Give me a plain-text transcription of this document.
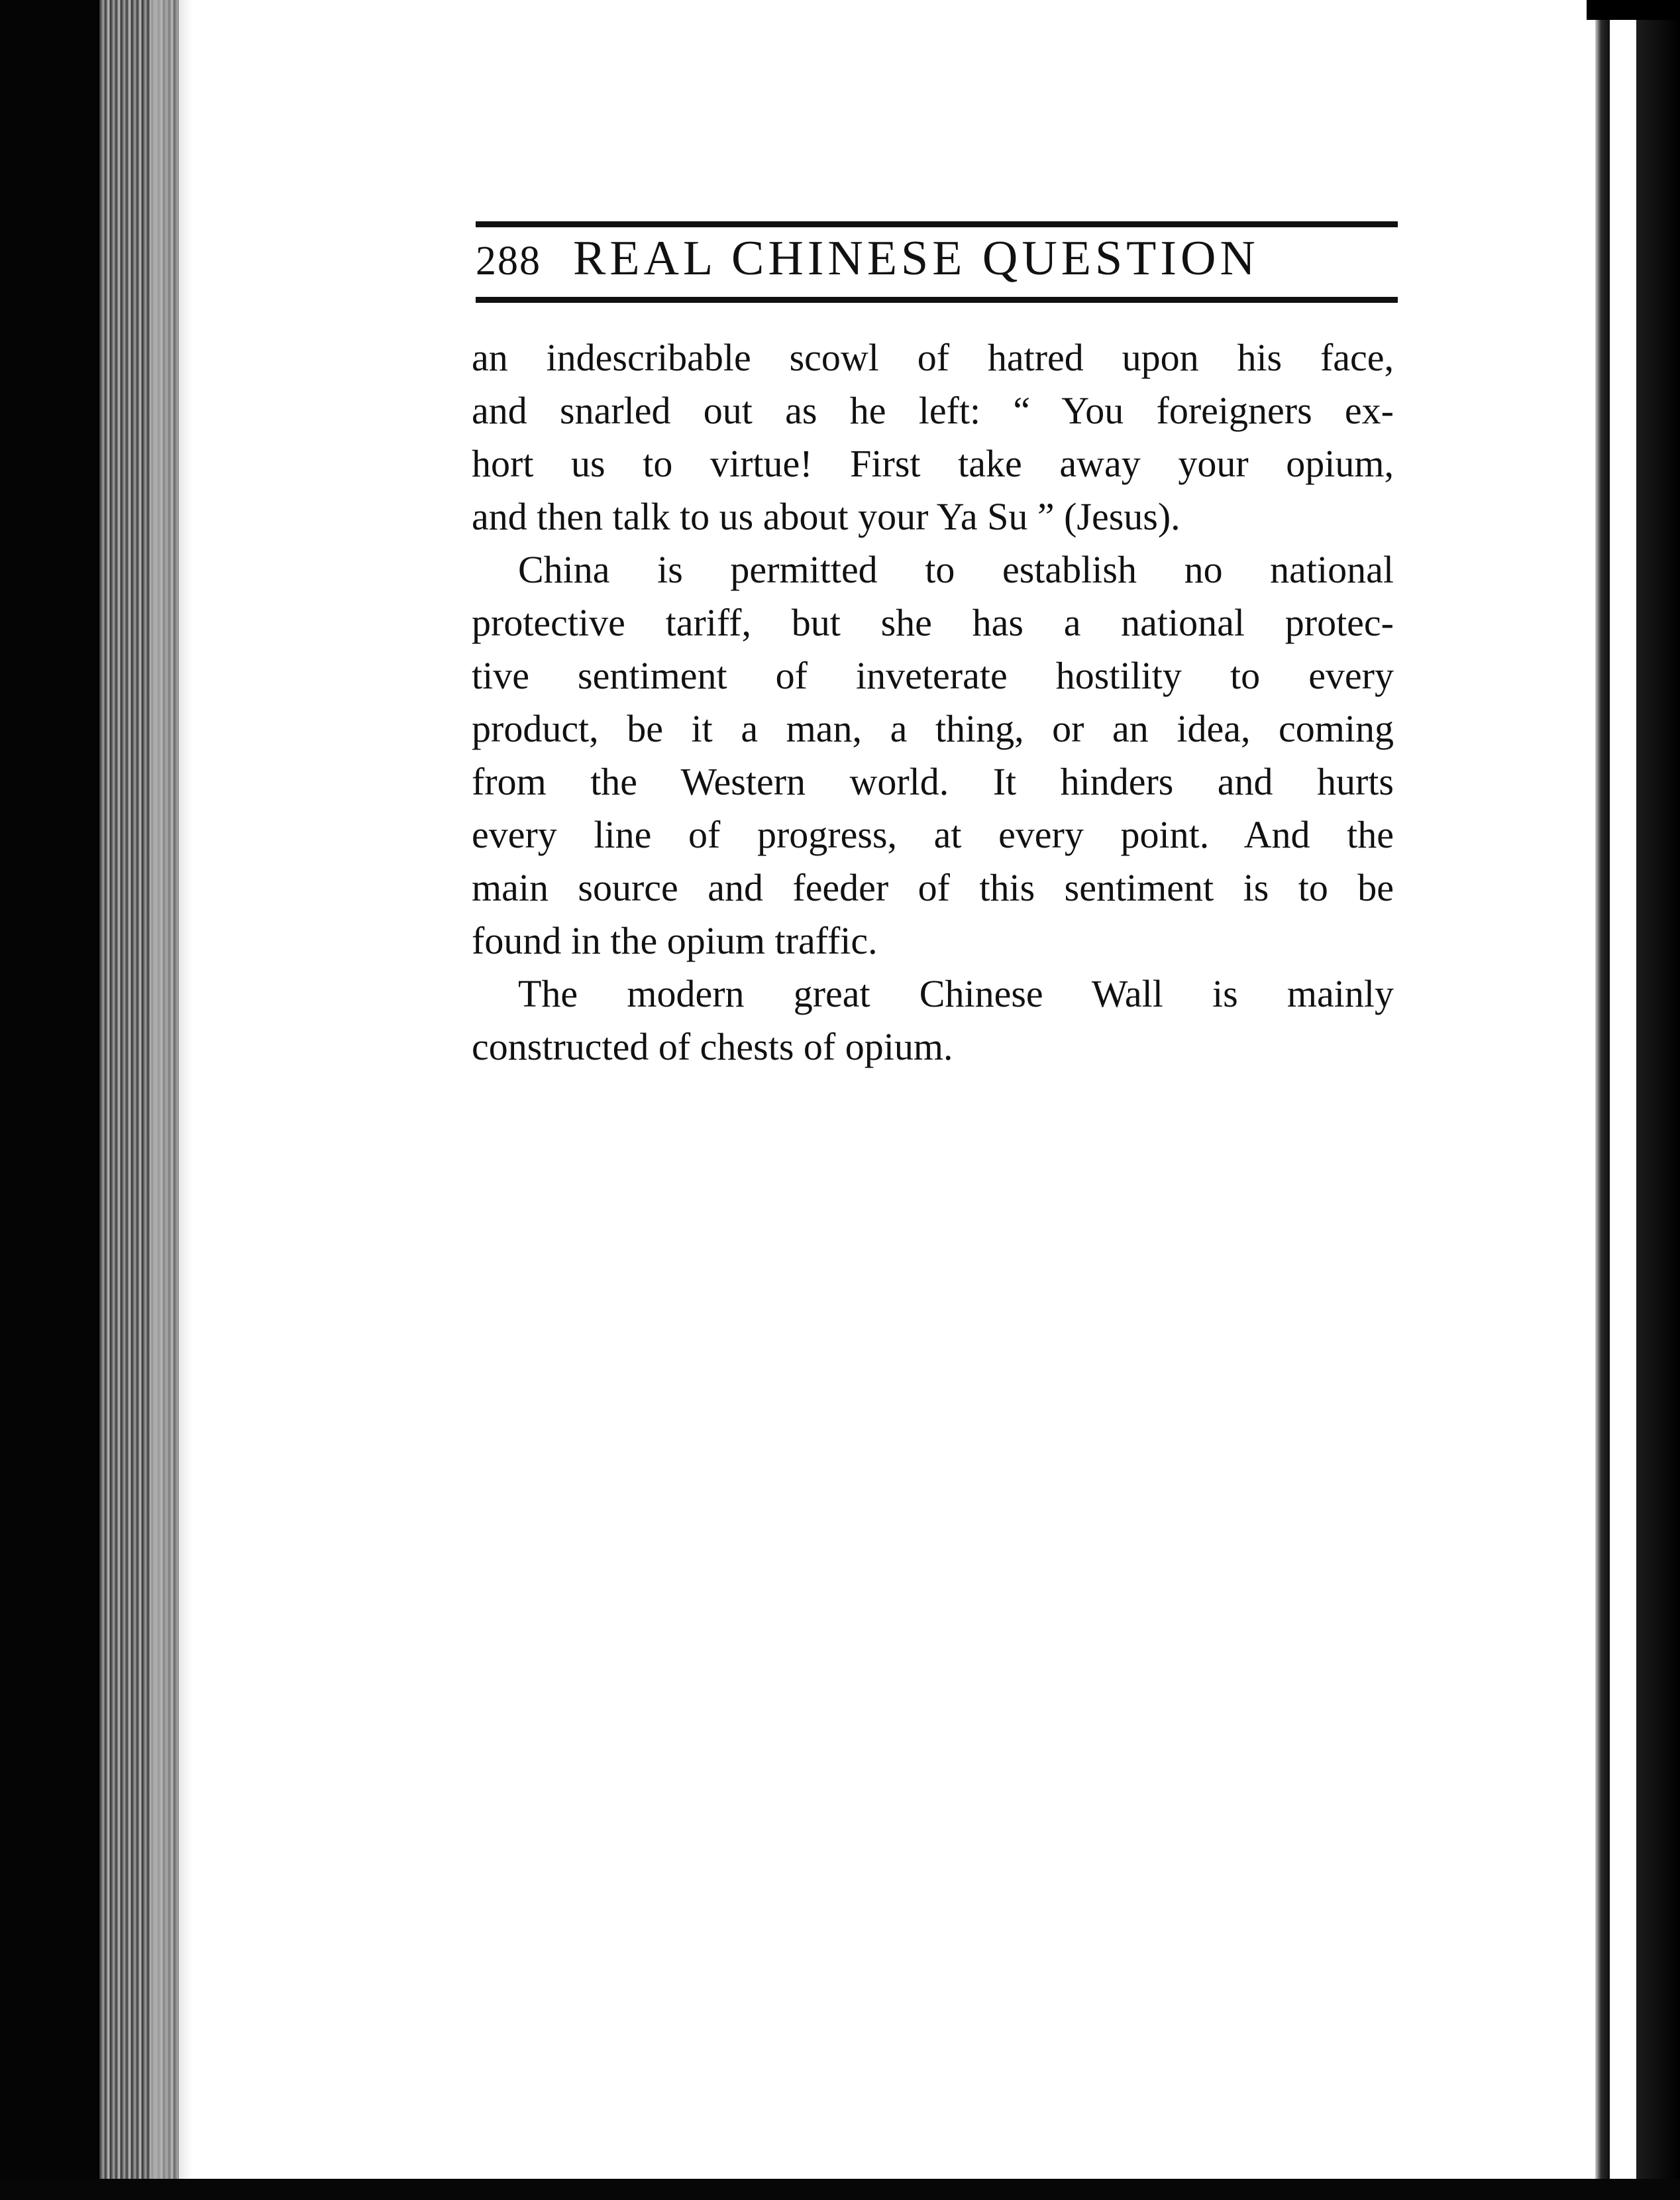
288 REAL CHINESE QUESTION
an indescribable scowl of hatred upon his face,
and snarled out as he left: “ You foreigners ex-
hort us to virtue! First take away your opium,
and then talk to us about your Ya Su ” (Jesus).
China is permitted to establish no national
protective tariff, but she has a national protec-
tive sentiment of inveterate hostility to every
product, be it a man, a thing, or an idea, coming
from the Western world. It hinders and hurts
every line of progress, at every point. And the
main source and feeder of this sentiment is to be
found in the opium traffic.
The modern great Chinese Wall is mainly
constructed of chests of opium.
